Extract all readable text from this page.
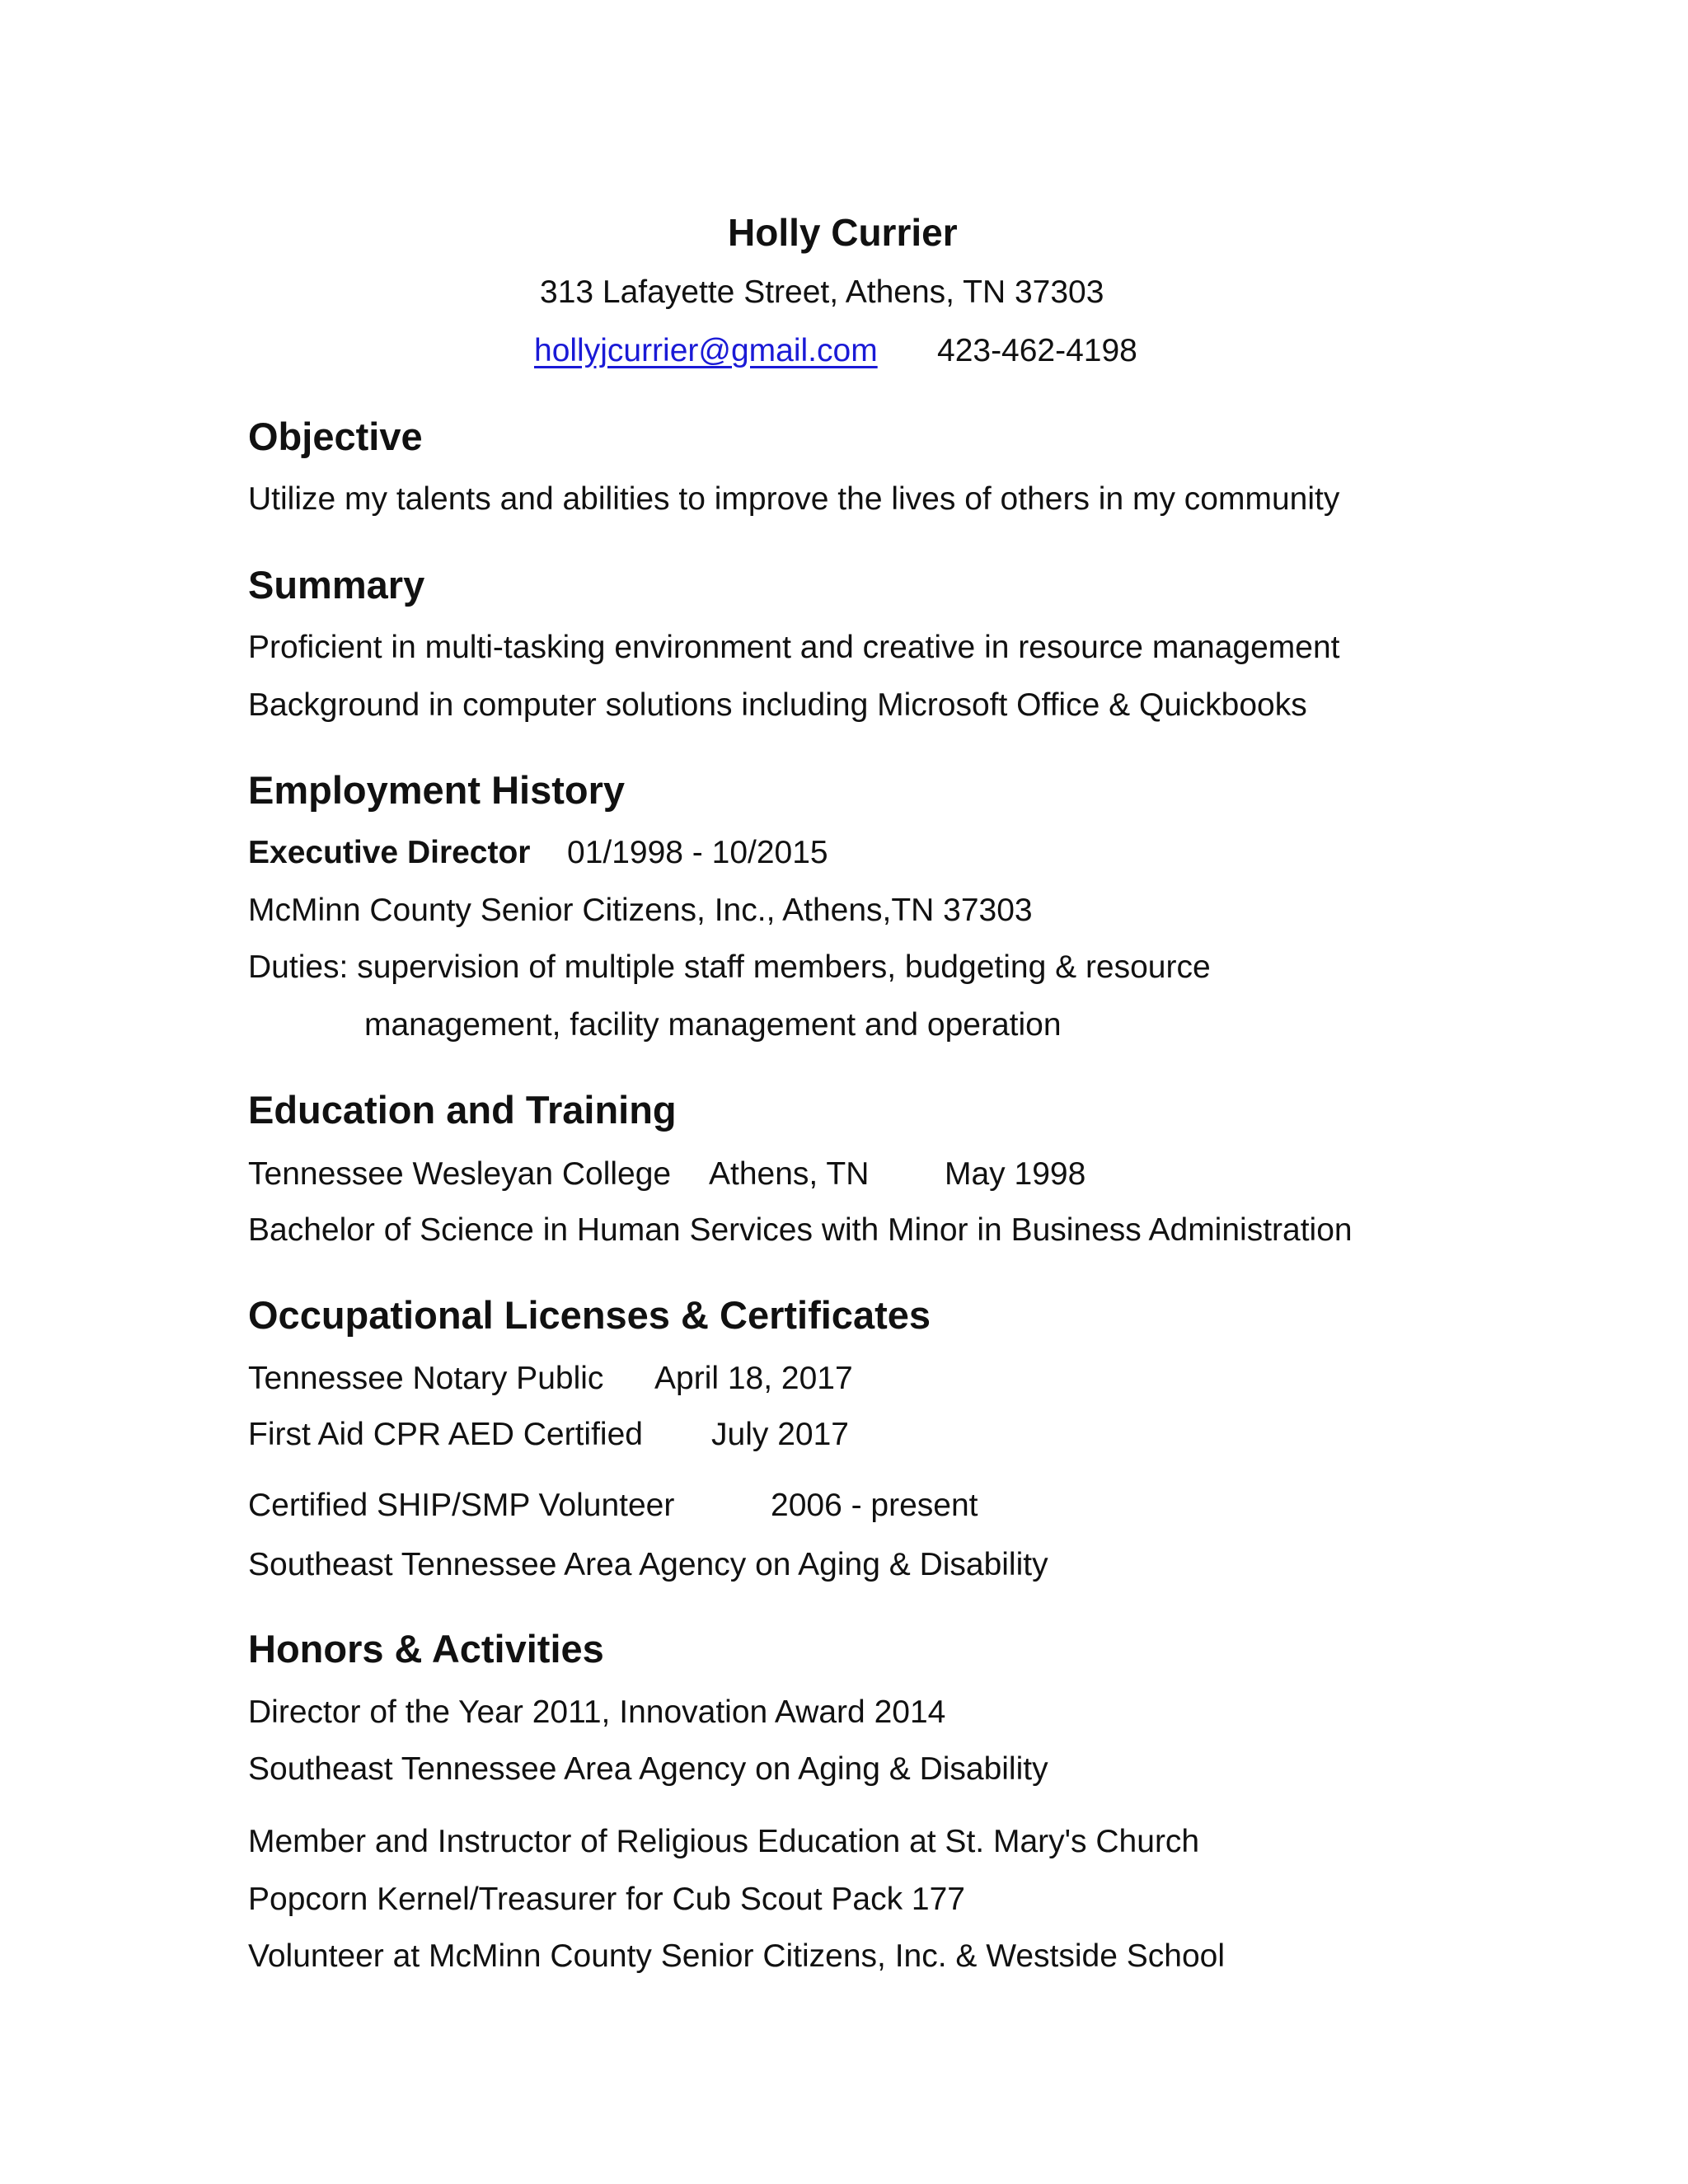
Holly Currier
313 Lafayette Street, Athens, TN 37303
hollyjcurrier@gmail.com 423-462-4198
Objective
Utilize my talents and abilities to improve the lives of others in my community
Summary
Proficient in multi-tasking environment and creative in resource management
Background in computer solutions including Microsoft Office & Quickbooks
Employment History
Executive Director 01/1998 - 10/2015
McMinn County Senior Citizens, Inc., Athens,TN 37303
Duties: supervision of multiple staff members, budgeting & resource
management, facility management and operation
Education and Training
Tennessee Wesleyan College Athens, TN May 1998
Bachelor of Science in Human Services with Minor in Business Administration
Occupational Licenses & Certificates
Tennessee Notary Public April 18, 2017
First Aid CPR AED Certified July 2017
Certified SHIP/SMP Volunteer	2006 - present
Southeast Tennessee Area Agency on Aging & Disability
Honors & Activities
Director of the Year 2011, Innovation Award 2014
Southeast Tennessee Area Agency on Aging & Disability
Member and Instructor of Religious Education at St. Mary's Church
Popcorn Kernel/Treasurer for Cub Scout Pack 177
Volunteer at McMinn County Senior Citizens, Inc. & Westside School
